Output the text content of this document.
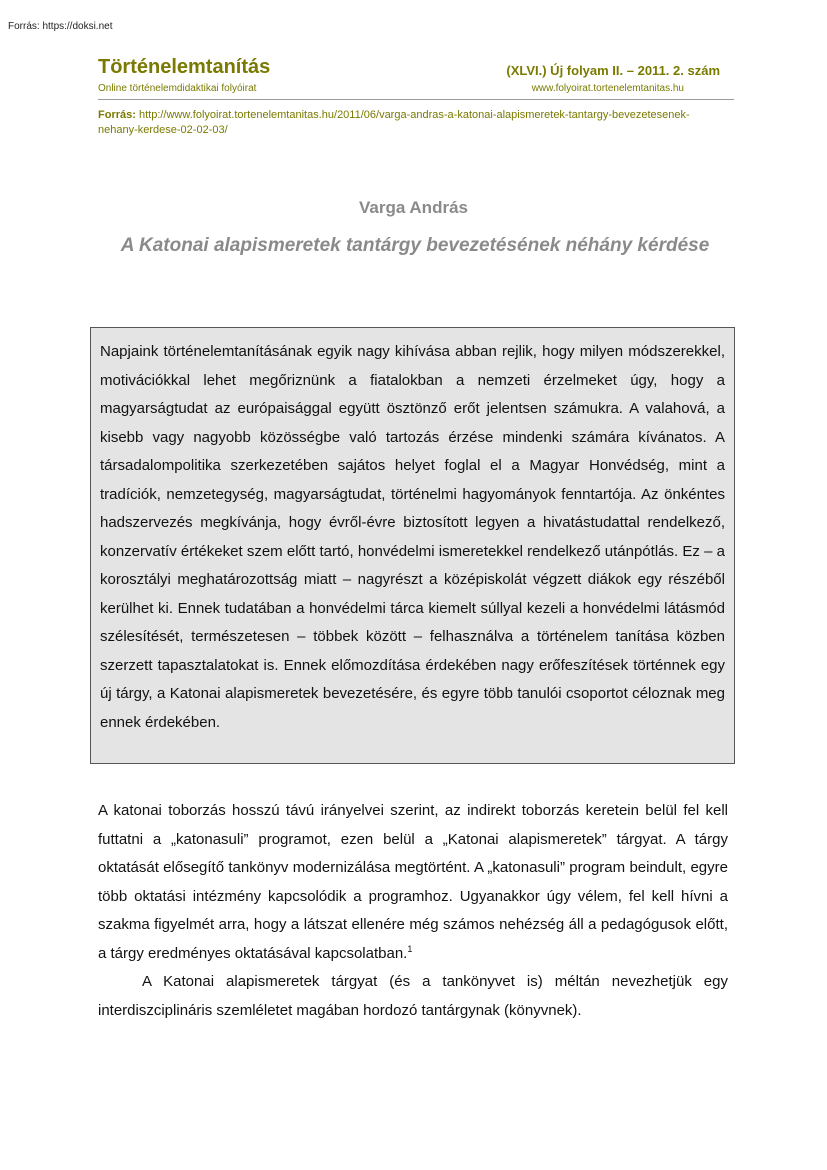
Forrás: https://doksi.net
Történelemtanítás
Online történelemdidaktikai folyóirat
(XLVI.) Új folyam II. – 2011. 2. szám
www.folyoirat.tortenelemtanitas.hu
Forrás: http://www.folyoirat.tortenelemtanitas.hu/2011/06/varga-andras-a-katonai-alapismeretek-tantargy-bevezetesenek-nehany-kerdese-02-02-03/
Varga András
A Katonai alapismeretek tantárgy bevezetésének néhány kérdése
Napjaink történelemtanításának egyik nagy kihívása abban rejlik, hogy milyen módszerekkel, motivációkkal lehet megőriznünk a fiatalokban a nemzeti érzelmeket úgy, hogy a magyarságtudat az európaisággal együtt ösztönző erőt jelentsen számukra. A valahová, a kisebb vagy nagyobb közösségbe való tartozás érzése mindenki számára kívánatos. A társadalompolitika szerkezetében sajátos helyet foglal el a Magyar Honvédség, mint a tradíciók, nemzetegység, magyarságtudat, történelmi hagyományok fenntartója. Az önkéntes hadszervezés megkívánja, hogy évről-évre biztosított legyen a hivatástudattal rendelkező, konzervatív értékeket szem előtt tartó, honvédelmi ismeretekkel rendelkező utánpótlás. Ez – a korosztályi meghatározottság miatt – nagyrészt a középiskolát végzett diákok egy részéből kerülhet ki. Ennek tudatában a honvédelmi tárca kiemelt súllyal kezeli a honvédelmi látásmód szélesítését, természetesen – többek között – felhasználva a történelem tanítása közben szerzett tapasztalatokat is. Ennek előmozdítása érdekében nagy erőfeszítések történnek egy új tárgy, a Katonai alapismeretek bevezetésére, és egyre több tanulói csoportot céloznak meg ennek érdekében.

A katonai toborzás hosszú távú irányelvei szerint, az indirekt toborzás keretein belül fel kell futtatni a „katonasuli” programot, ezen belül a „Katonai alapismeretek” tárgyat. A tárgy oktatását elősegítő tankönyv modernizálása megtörtént. A „katonasuli” program beindult, egyre több oktatási intézmény kapcsolódik a programhoz. Ugyanakkor úgy vélem, fel kell hívni a szakma figyelmét arra, hogy a látszat ellenére még számos nehézség áll a pedagógusok előtt, a tárgy eredményes oktatásával kapcsolatban.$^1$

A Katonai alapismeretek tárgyat (és a tankönyvet is) méltán nevezhetjük egy interdiszciplináris szemléletet magában hordozó tantárgynak (könyvnek).
